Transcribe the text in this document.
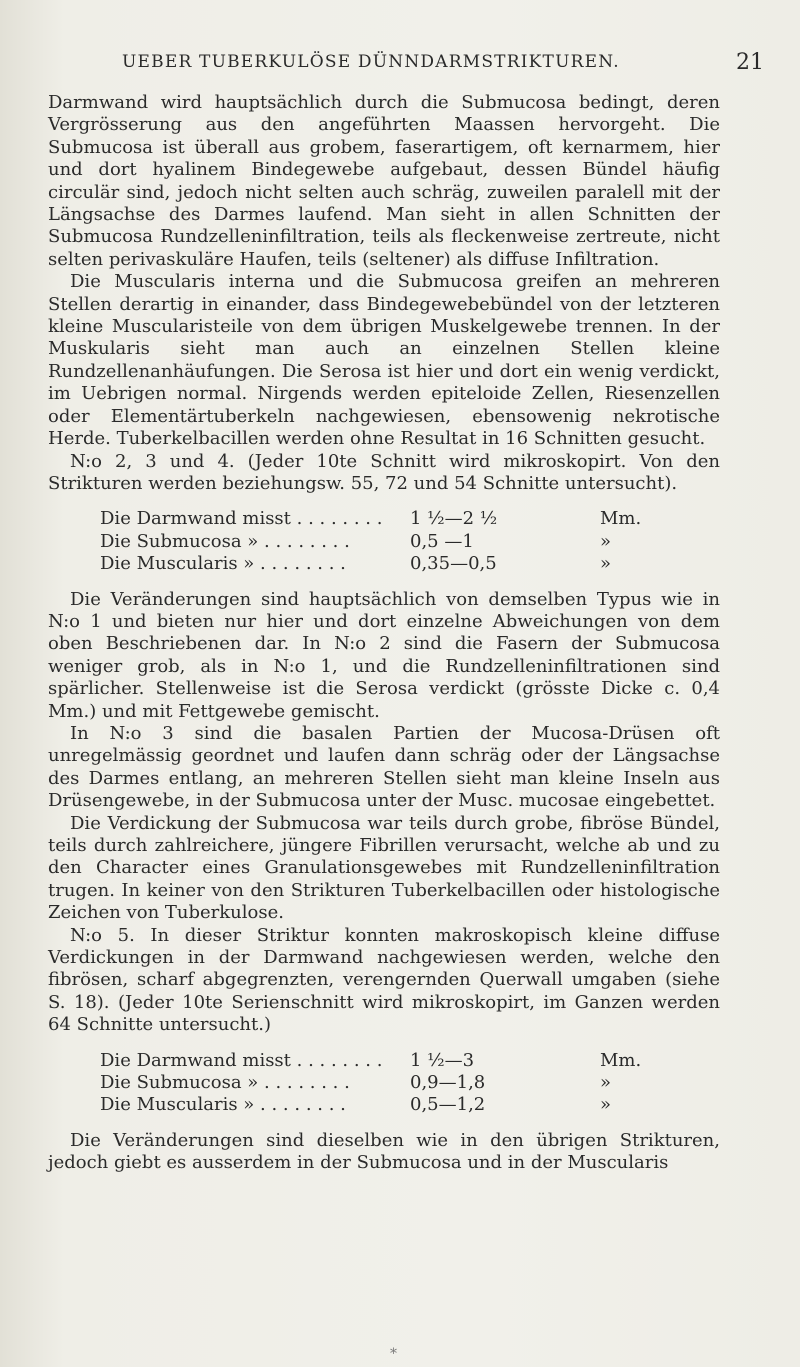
UEBER TUBERKULÖSE DÜNNDARMSTRIKTUREN.	21

Darmwand wird hauptsächlich durch die Submucosa bedingt, deren Vergrösserung aus den angeführten Maassen hervorgeht. Die Submucosa ist überall aus grobem, faserartigem, oft kernarmem, hier und dort hyalinem Bindegewebe aufgebaut, dessen Bündel häufig circulär sind, jedoch nicht selten auch schräg, zuweilen paralell mit der Längsachse des Darmes laufend. Man sieht in allen Schnitten der Submucosa Rundzelleninfiltration, teils als fleckenweise zertreute, nicht selten perivaskuläre Haufen, teils (seltener) als diffuse Infiltration.

Die Muscularis interna und die Submucosa greifen an mehreren Stellen derartig in einander, dass Bindegewebebündel von der letzteren kleine Muscularisteile von dem übrigen Muskelgewebe trennen. In der Muskularis sieht man auch an einzelnen Stellen kleine Rundzellenanhäufungen. Die Serosa ist hier und dort ein wenig verdickt, im Uebrigen normal. Nirgends werden epiteloide Zellen, Riesenzellen oder Elementärtuberkeln nachgewiesen, ebensowenig nekrotische Herde. Tuberkelbacillen werden ohne Resultat in 16 Schnitten gesucht.

N:o 2, 3 und 4. (Jeder 10te Schnitt wird mikroskopirt. Von den Strikturen werden beziehungsw. 55, 72 und 54 Schnitte untersucht).

Die Darmwand misst . . . . . . . .	1 ½—2 ½	Mm.
Die Submucosa » . . . . . . . .	0,5 —1	»
Die Muscularis » . . . . . . . .	0,35—0,5	»

Die Veränderungen sind hauptsächlich von demselben Typus wie in N:o 1 und bieten nur hier und dort einzelne Abweichungen von dem oben Beschriebenen dar. In N:o 2 sind die Fasern der Submucosa weniger grob, als in N:o 1, und die Rundzelleninfiltrationen sind spärlicher. Stellenweise ist die Serosa verdickt (grösste Dicke c. 0,4 Mm.) und mit Fettgewebe gemischt.

In N:o 3 sind die basalen Partien der Mucosa-Drüsen oft unregelmässig geordnet und laufen dann schräg oder der Längsachse des Darmes entlang, an mehreren Stellen sieht man kleine Inseln aus Drüsengewebe, in der Submucosa unter der Musc. mucosae eingebettet.

Die Verdickung der Submucosa war teils durch grobe, fibröse Bündel, teils durch zahlreichere, jüngere Fibrillen verursacht, welche ab und zu den Character eines Granulationsgewebes mit Rundzelleninfiltration trugen. In keiner von den Strikturen Tuberkelbacillen oder histologische Zeichen von Tuberkulose.

N:o 5. In dieser Striktur konnten makroskopisch kleine diffuse Verdickungen in der Darmwand nachgewiesen werden, welche den fibrösen, scharf abgegrenzten, verengernden Querwall umgaben (siehe S. 18). (Jeder 10te Serienschnitt wird mikroskopirt, im Ganzen werden 64 Schnitte untersucht.)

Die Darmwand misst . . . . . . . .	1 ½—3	Mm.
Die Submucosa » . . . . . . . .	0,9—1,8	»
Die Muscularis » . . . . . . . .	0,5—1,2	»

Die Veränderungen sind dieselben wie in den übrigen Strikturen, jedoch giebt es ausserdem in der Submucosa und in der Muscularis

*
